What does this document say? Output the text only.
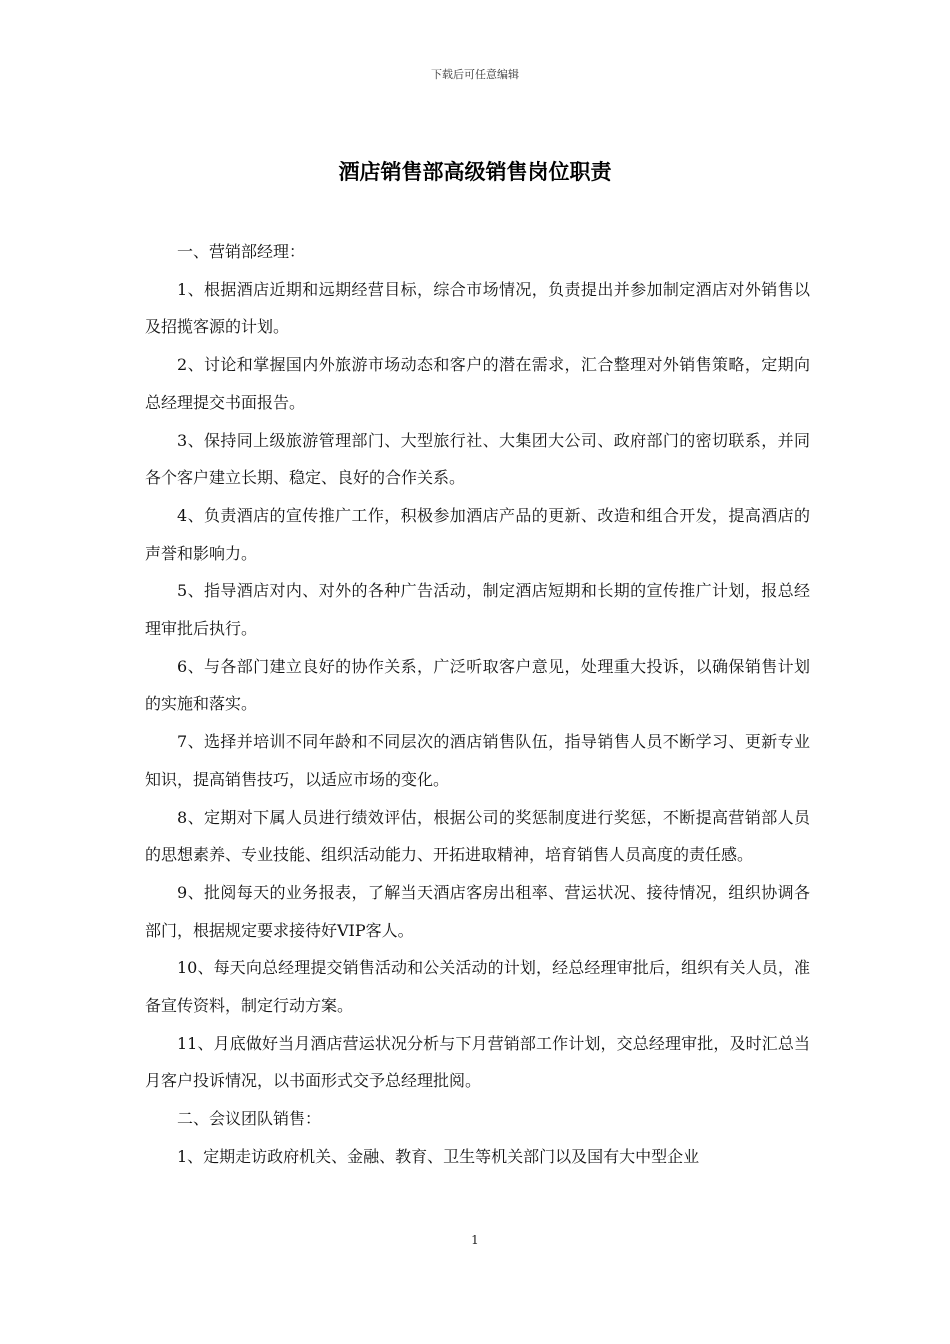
下载后可任意编辑
酒店销售部高级销售岗位职责

一、营销部经理：

1、根据酒店近期和远期经营目标，综合市场情况，负责提出并参加制定酒店对外销售以及招揽客源的计划。

2、讨论和掌握国内外旅游市场动态和客户的潜在需求，汇合整理对外销售策略，定期向总经理提交书面报告。

3、保持同上级旅游管理部门、大型旅行社、大集团大公司、政府部门的密切联系，并同各个客户建立长期、稳定、良好的合作关系。

4、负责酒店的宣传推广工作，积极参加酒店产品的更新、改造和组合开发，提高酒店的声誉和影响力。

5、指导酒店对内、对外的各种广告活动，制定酒店短期和长期的宣传推广计划，报总经理审批后执行。

6、与各部门建立良好的协作关系，广泛听取客户意见，处理重大投诉，以确保销售计划的实施和落实。

7、选择并培训不同年龄和不同层次的酒店销售队伍，指导销售人员不断学习、更新专业知识，提高销售技巧，以适应市场的变化。

8、定期对下属人员进行绩效评估，根据公司的奖惩制度进行奖惩，不断提高营销部人员的思想素养、专业技能、组织活动能力、开拓进取精神，培育销售人员高度的责任感。

9、批阅每天的业务报表，了解当天酒店客房出租率、营运状况、接待情况，组织协调各部门，根据规定要求接待好VIP客人。

10、每天向总经理提交销售活动和公关活动的计划，经总经理审批后，组织有关人员，准备宣传资料，制定行动方案。

11、月底做好当月酒店营运状况分析与下月营销部工作计划，交总经理审批，及时汇总当月客户投诉情况，以书面形式交予总经理批阅。

二、会议团队销售：

1、定期走访政府机关、金融、教育、卫生等机关部门以及国有大中型企业

1
